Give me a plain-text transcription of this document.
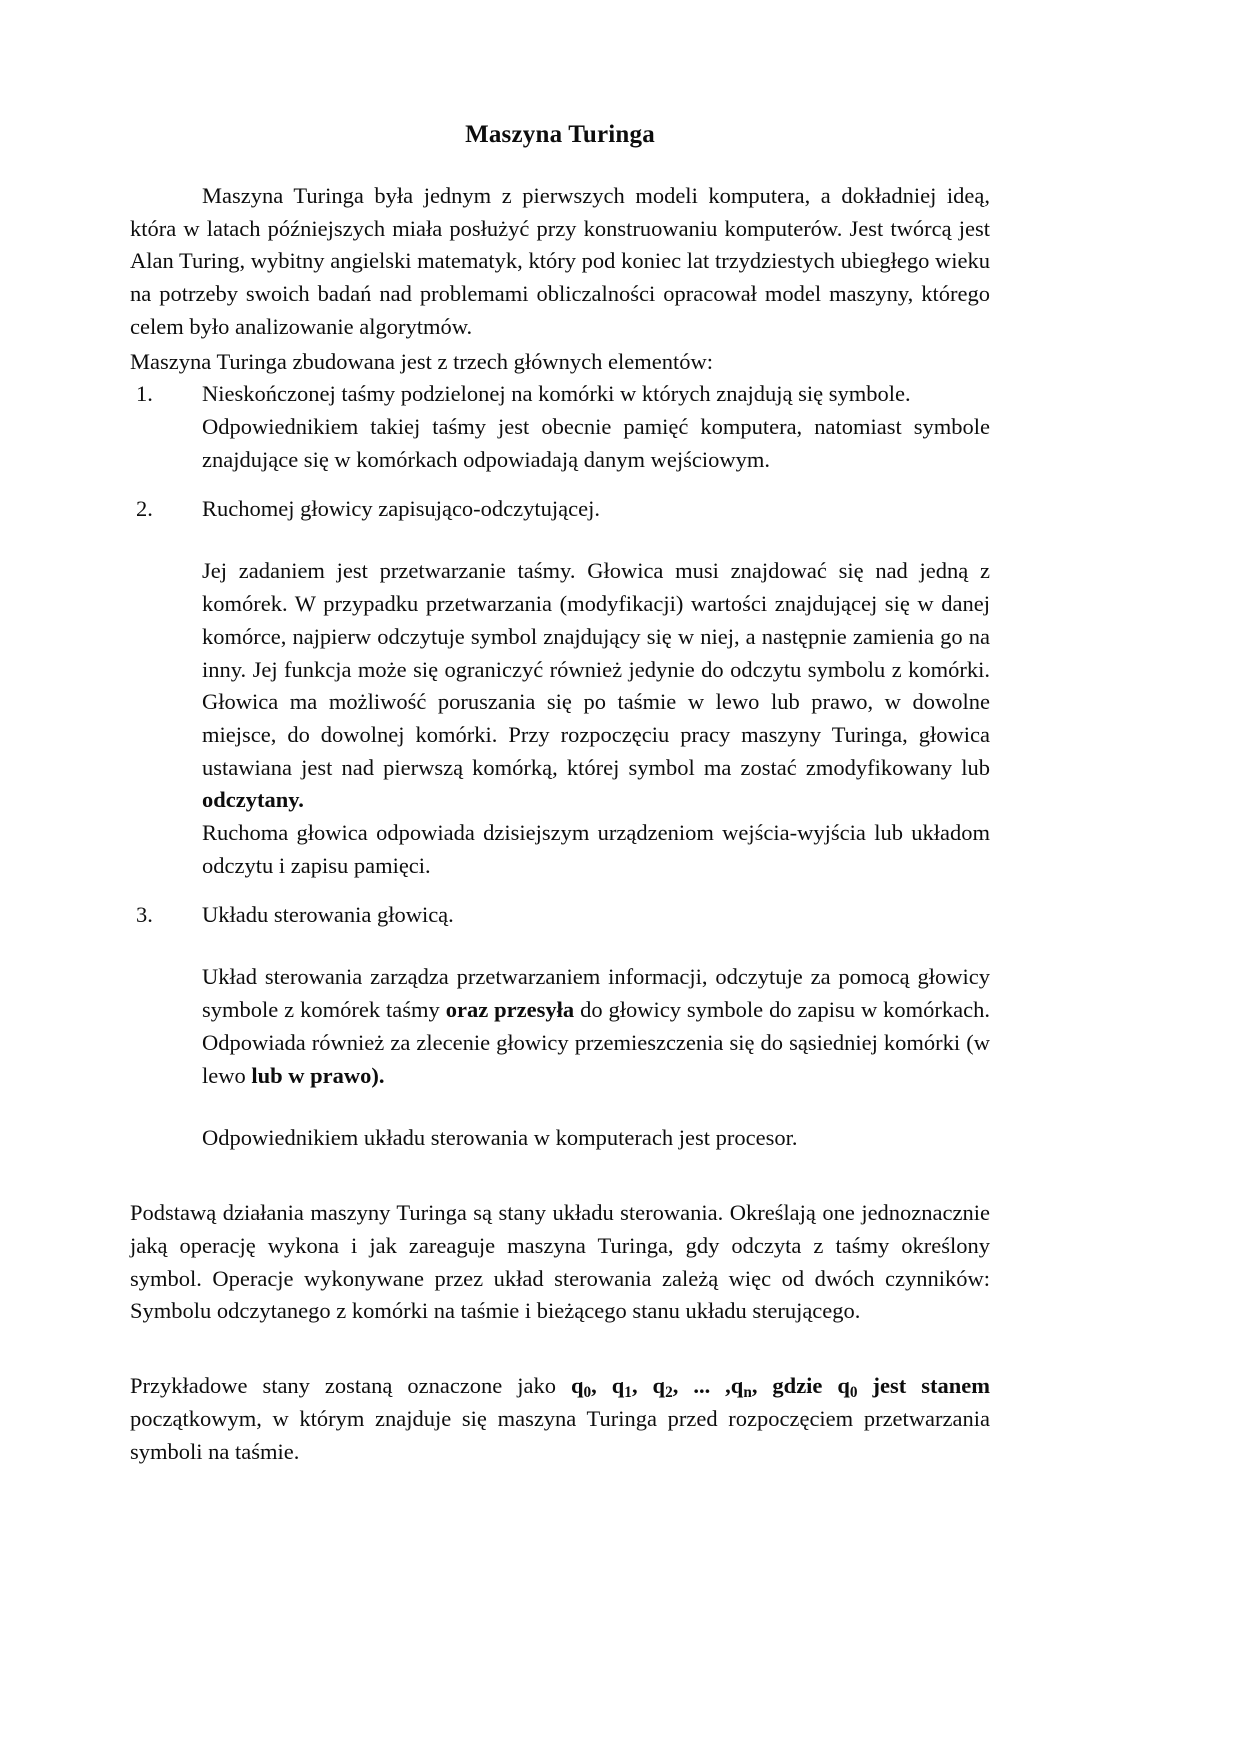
Maszyna Turinga

Maszyna Turinga była jednym z pierwszych modeli komputera, a dokładniej ideą, która w latach późniejszych miała posłużyć przy konstruowaniu komputerów. Jest twórcą jest Alan Turing, wybitny angielski matematyk, który pod koniec lat trzydziestych ubiegłego wieku na potrzeby swoich badań nad problemami obliczalności opracował model maszyny, którego celem było analizowanie algorytmów.

Maszyna Turinga zbudowana jest z trzech głównych elementów:

1.	Nieskończonej taśmy podzielonej na komórki w których znajdują się symbole.

Odpowiednikiem takiej taśmy jest obecnie pamięć komputera, natomiast symbole znajdujące się w komórkach odpowiadają danym wejściowym.

2.	Ruchomej głowicy zapisująco-odczytującej.

Jej zadaniem jest przetwarzanie taśmy. Głowica musi znajdować się nad jedną z komórek. W przypadku przetwarzania (modyfikacji) wartości znajdującej się w danej komórce, najpierw odczytuje symbol znajdujący się w niej, a następnie zamienia go na inny. Jej funkcja może się ograniczyć również jedynie do odczytu symbolu z komórki. Głowica ma możliwość poruszania się po taśmie w lewo lub prawo, w dowolne miejsce, do dowolnej komórki. Przy rozpoczęciu pracy maszyny Turinga, głowica ustawiana jest nad pierwszą komórką, której symbol ma zostać zmodyfikowany lub odczytany.

Ruchoma głowica odpowiada dzisiejszym urządzeniom wejścia-wyjścia lub układom odczytu i zapisu pamięci.

3.	Układu sterowania głowicą.

Układ sterowania zarządza przetwarzaniem informacji, odczytuje za pomocą głowicy symbole z komórek taśmy oraz przesyła do głowicy symbole do zapisu w komórkach. Odpowiada również za zlecenie głowicy przemieszczenia się do sąsiedniej komórki (w lewo lub w prawo).

Odpowiednikiem układu sterowania w komputerach jest procesor.

Podstawą działania maszyny Turinga są stany układu sterowania. Określają one jednoznacznie jaką operację wykona i jak zareaguje maszyna Turinga, gdy odczyta z taśmy określony symbol. Operacje wykonywane przez układ sterowania zależą więc od dwóch czynników: Symbolu odczytanego z komórki na taśmie i bieżącego stanu układu sterującego.

Przykładowe stany zostaną oznaczone jako $q_0$, $q_1$, $q_2$, ... $,q_n$, gdzie $q_0$ jest stanem początkowym, w którym znajduje się maszyna Turinga przed rozpoczęciem przetwarzania symboli na taśmie.
